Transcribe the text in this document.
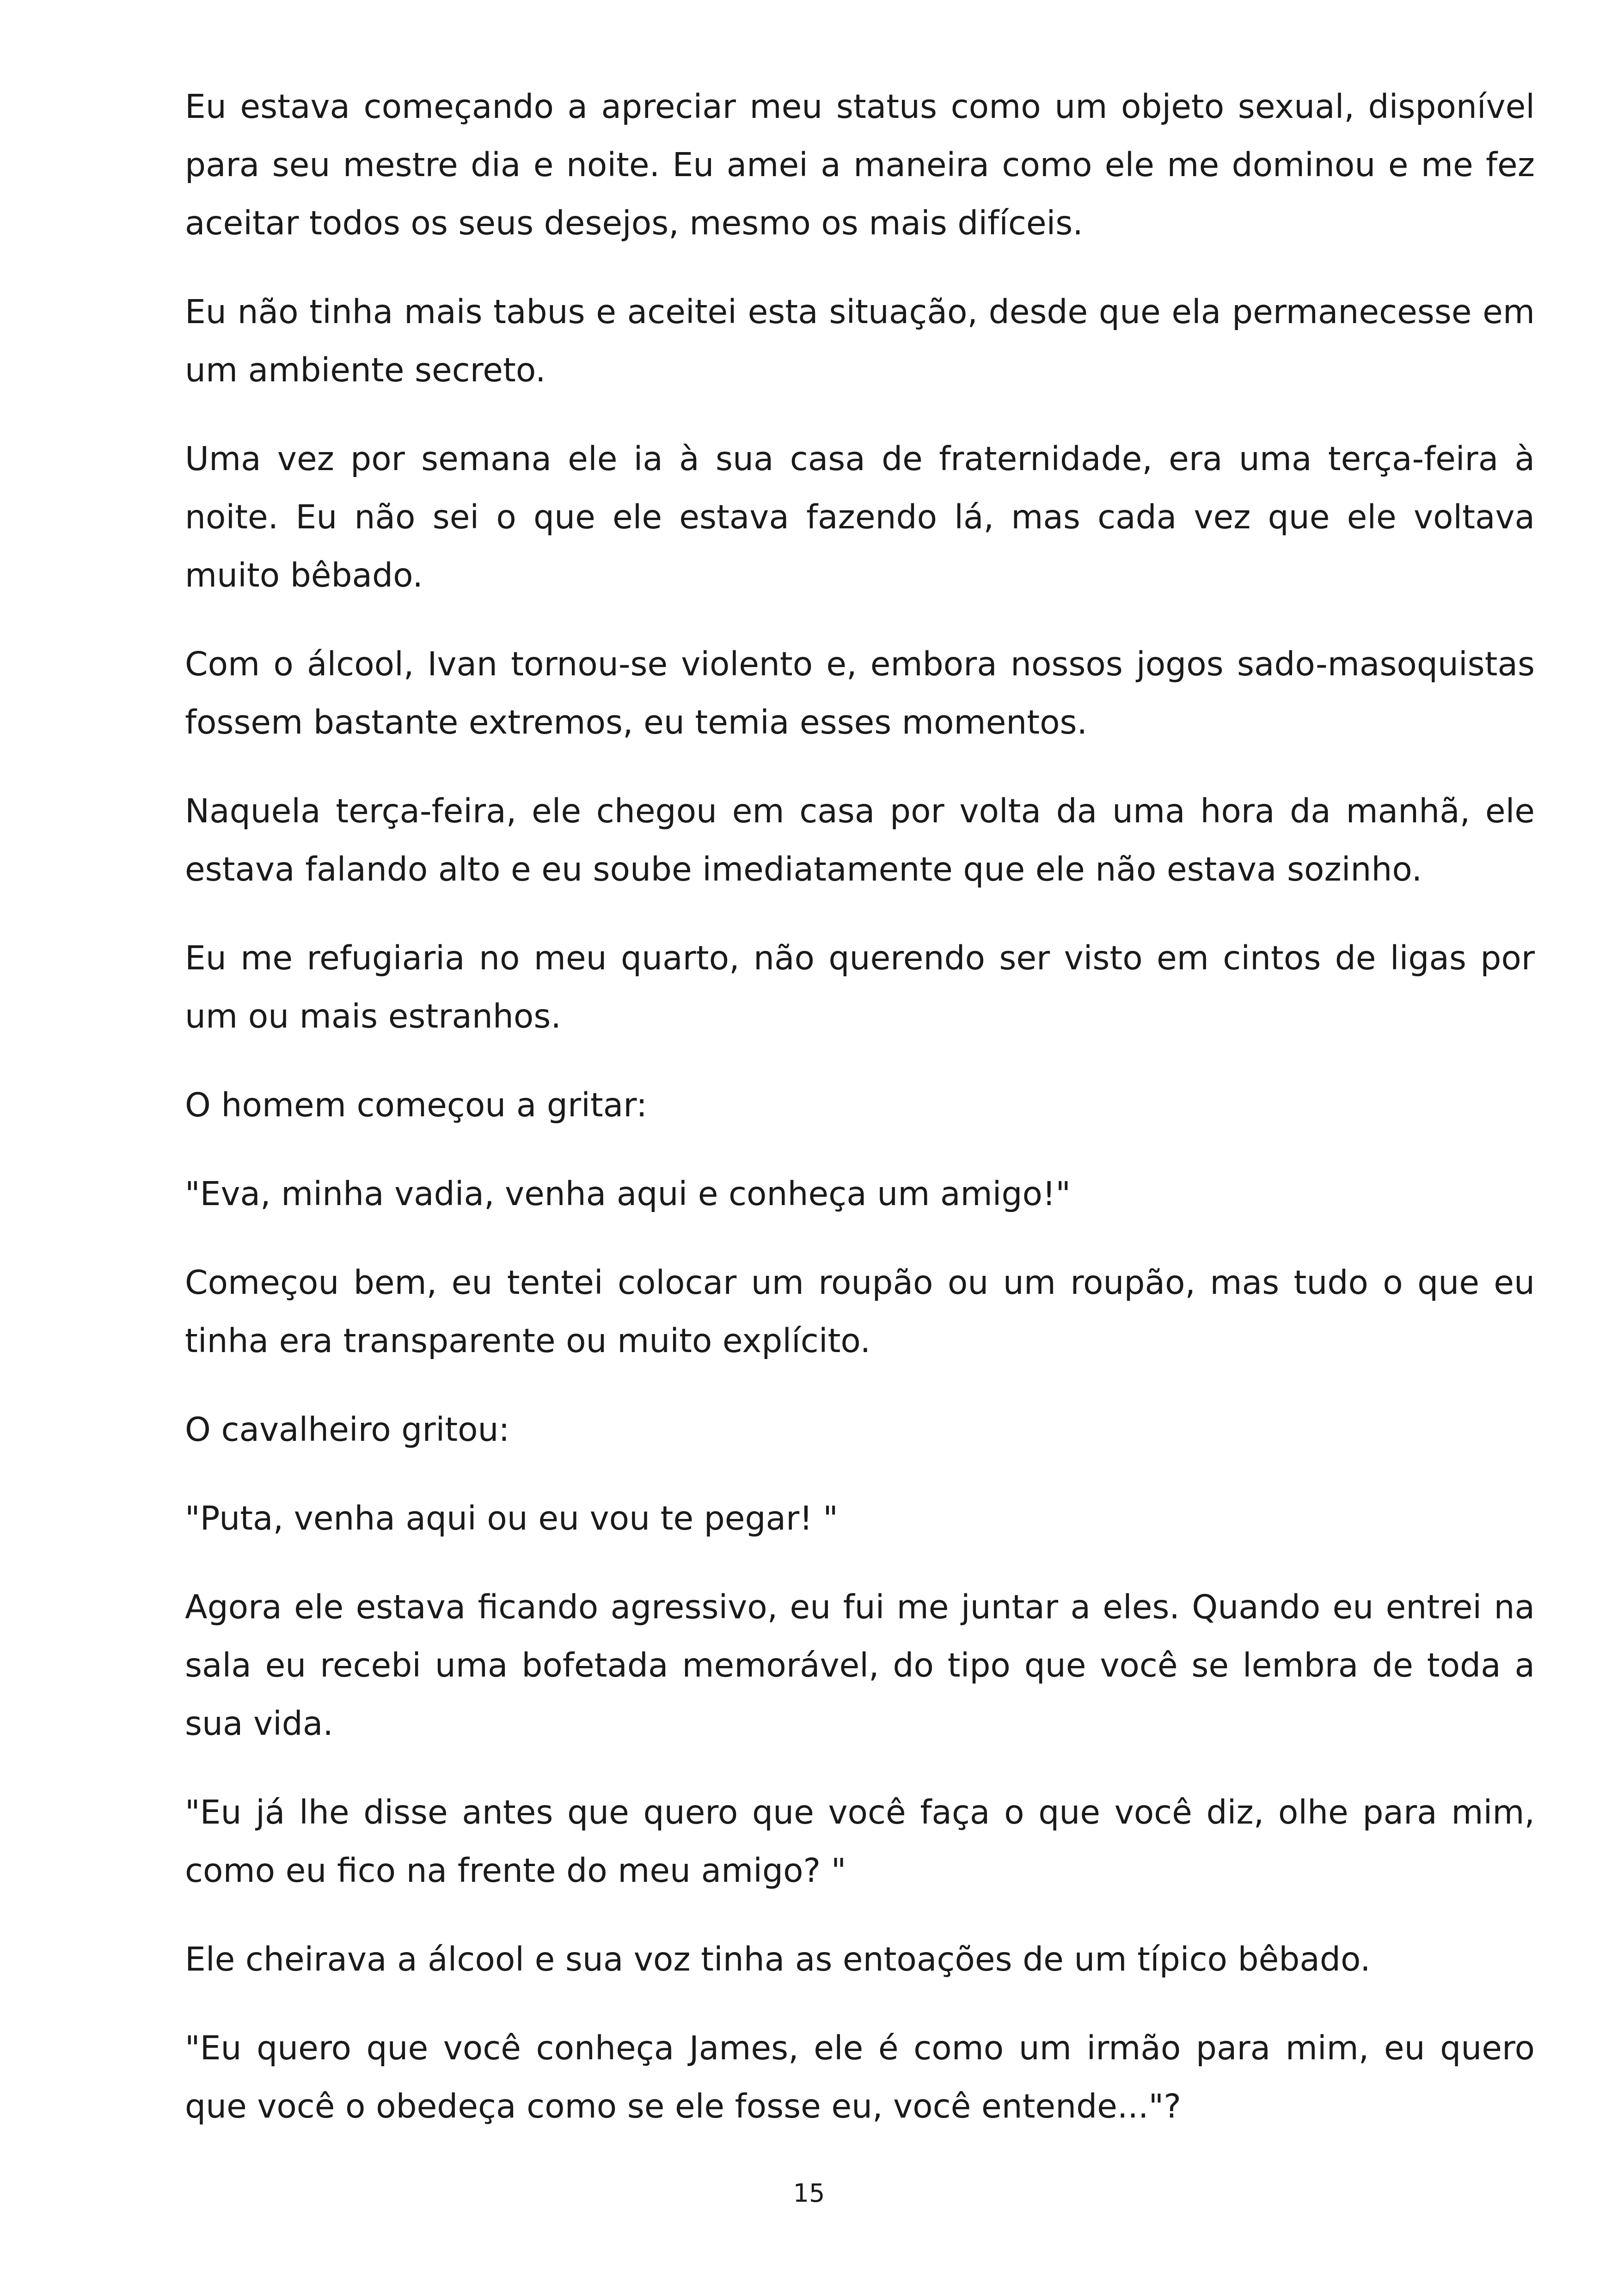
Eu estava começando a apreciar meu status como um objeto sexual, disponível para seu mestre dia e noite. Eu amei a maneira como ele me dominou e me fez aceitar todos os seus desejos, mesmo os mais difíceis.

Eu não tinha mais tabus e aceitei esta situação, desde que ela permanecesse em um ambiente secreto.

Uma vez por semana ele ia à sua casa de fraternidade, era uma terça-feira à noite. Eu não sei o que ele estava fazendo lá, mas cada vez que ele voltava muito bêbado.

Com o álcool, Ivan tornou-se violento e, embora nossos jogos sado-masoquistas fossem bastante extremos, eu temia esses momentos.

Naquela terça-feira, ele chegou em casa por volta da uma hora da manhã, ele estava falando alto e eu soube imediatamente que ele não estava sozinho.

Eu me refugiaria no meu quarto, não querendo ser visto em cintos de ligas por um ou mais estranhos.

O homem começou a gritar:

"Eva, minha vadia, venha aqui e conheça um amigo!"

Começou bem, eu tentei colocar um roupão ou um roupão, mas tudo o que eu tinha era transparente ou muito explícito.

O cavalheiro gritou:

"Puta, venha aqui ou eu vou te pegar! "

Agora ele estava ficando agressivo, eu fui me juntar a eles. Quando eu entrei na sala eu recebi uma bofetada memorável, do tipo que você se lembra de toda a sua vida.

"Eu já lhe disse antes que quero que você faça o que você diz, olhe para mim, como eu fico na frente do meu amigo? "

Ele cheirava a álcool e sua voz tinha as entoações de um típico bêbado.

"Eu quero que você conheça James, ele é como um irmão para mim, eu quero que você o obedeça como se ele fosse eu, você entende..."?

15
